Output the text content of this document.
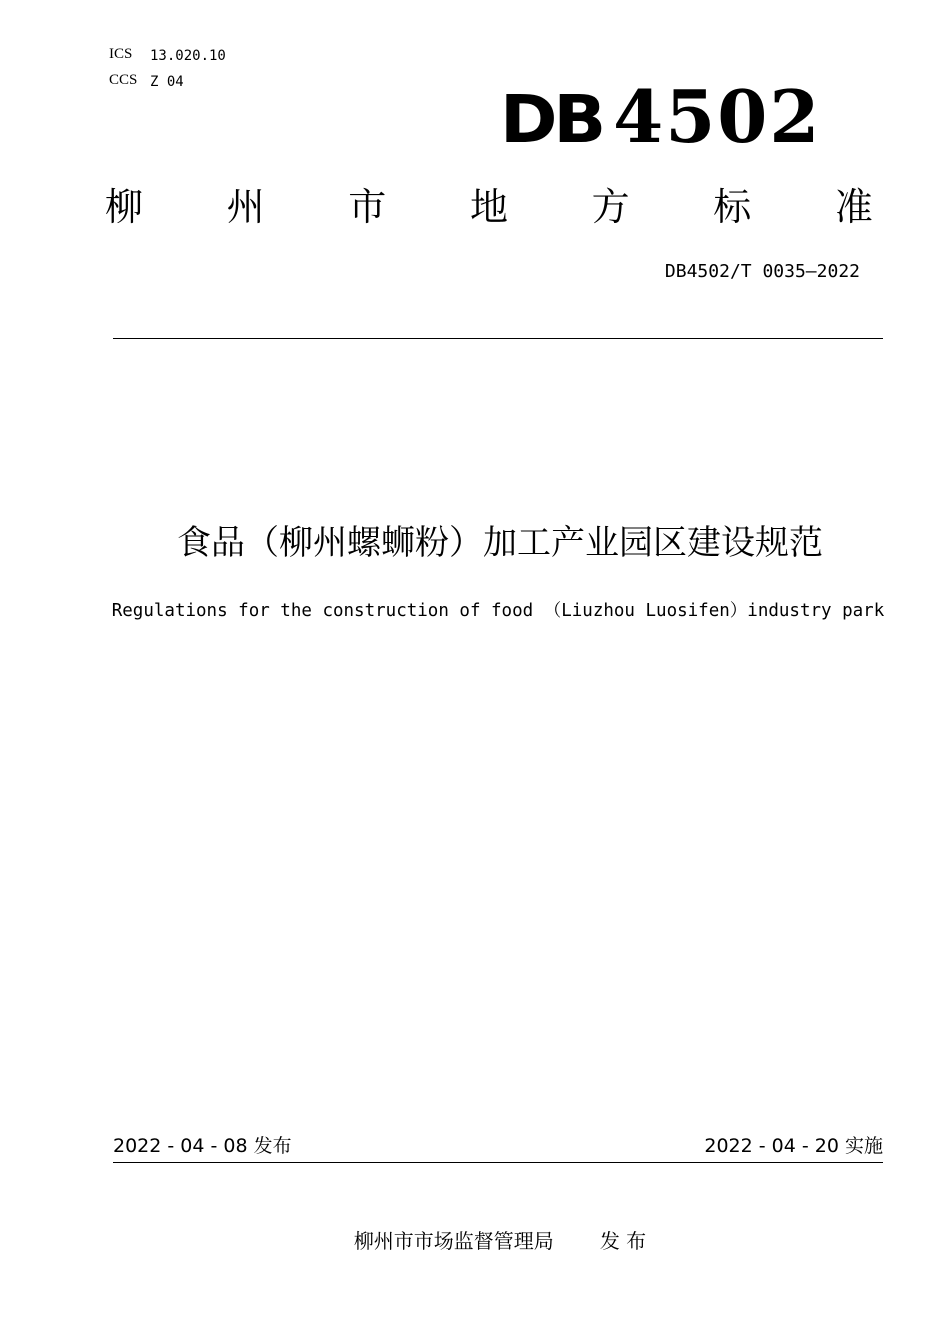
ICS 13.020.10
CCS Z 04	DB 4502
柳 州 市 地 方 标 准
DB4502/T 0035—2022
食品（柳州螺蛳粉）加工产业园区建设规范
Regulations for the construction of food （Liuzhou Luosifen）industry park
2022 - 04 - 08 发布	2022 - 04 - 20 实施
柳州市市场监督管理局 发 布
